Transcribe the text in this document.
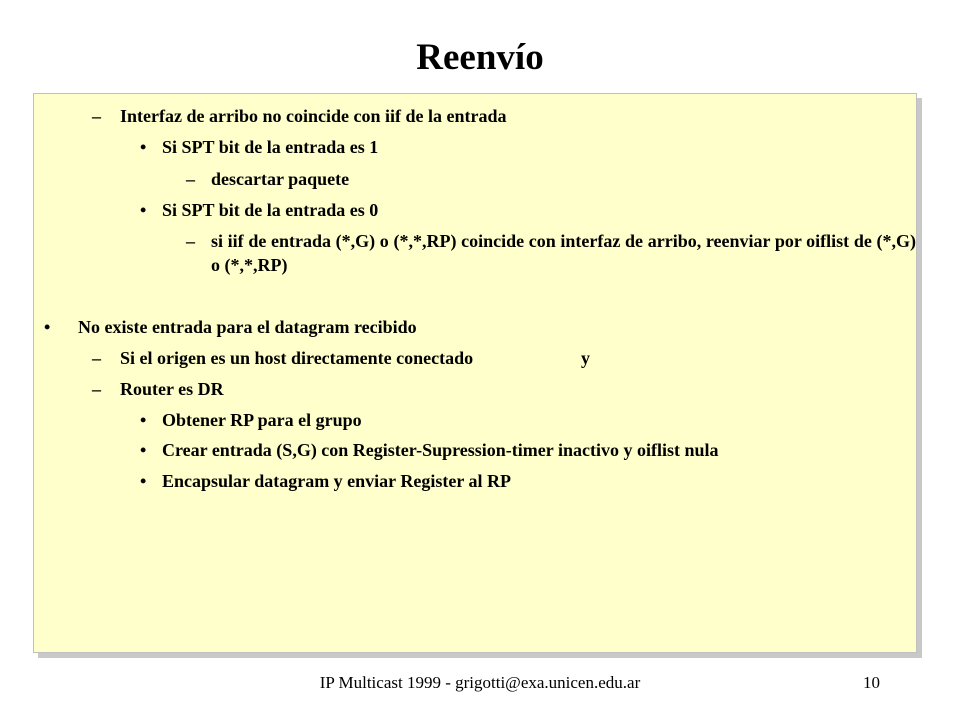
Reenvío
– Interfaz de arribo no coincide con iif de la entrada
• Si SPT bit de la entrada es 1
– descartar paquete
• Si SPT bit de la entrada es 0
– si iif de entrada (*,G) o (*,*,RP) coincide con interfaz de arribo, reenviar por oiflist de (*,G) o (*,*,RP)
• No existe entrada para el datagram recibido
– Si el origen es un host directamente conectado	y
– Router es DR
• Obtener RP para el grupo
• Crear entrada (S,G) con Register-Supression-timer inactivo y oiflist nula
• Encapsular datagram y enviar Register al RP
IP Multicast 1999 - grigotti@exa.unicen.edu.ar	10
